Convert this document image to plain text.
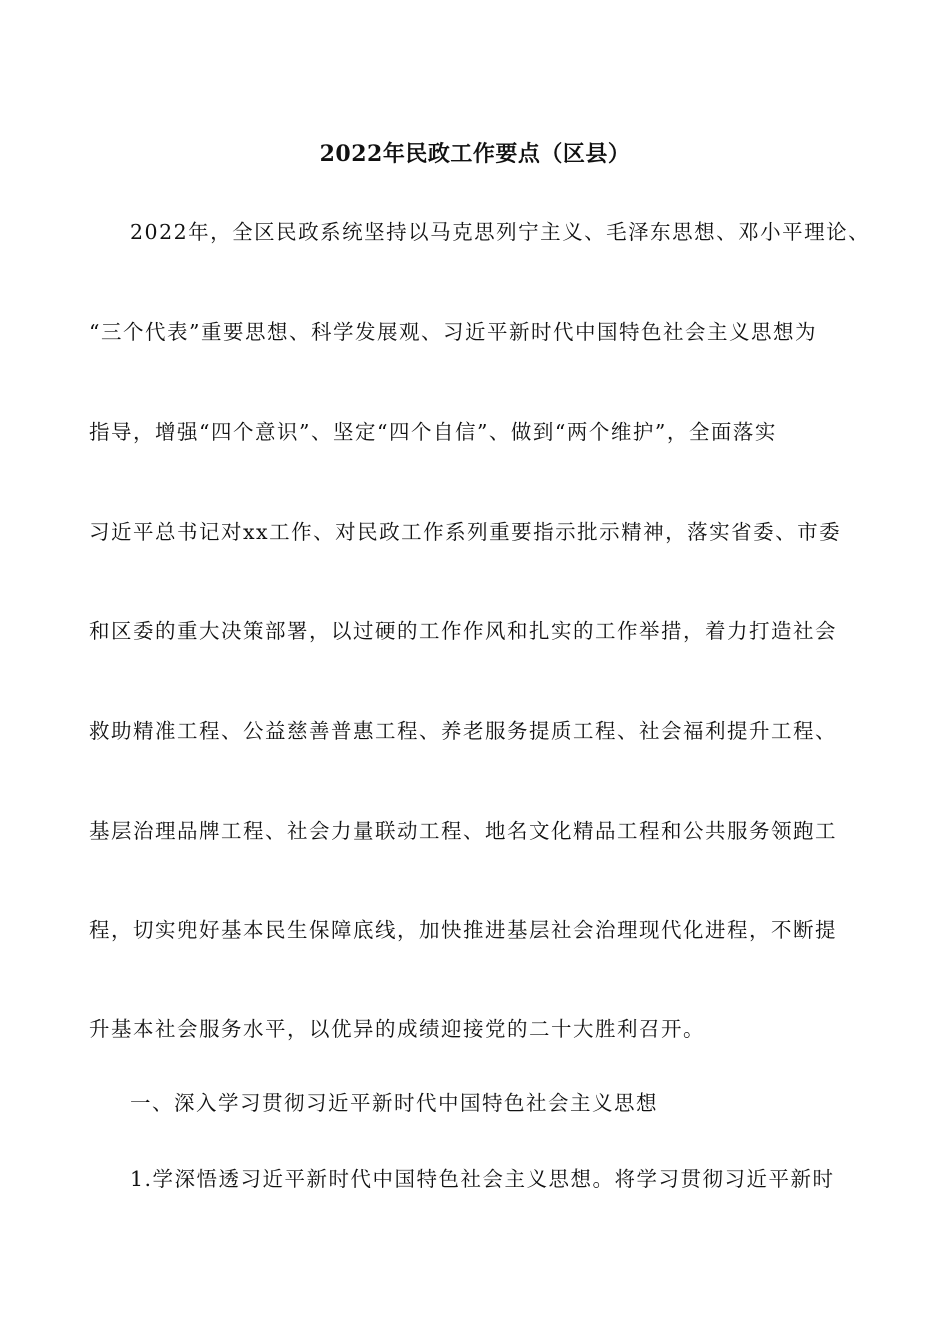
2022年民政工作要点（区县）
2022年，全区民政系统坚持以马克思列宁主义、毛泽东思想、邓小平理论、
“三个代表”重要思想、科学发展观、习近平新时代中国特色社会主义思想为
指导，增强“四个意识”、坚定“四个自信”、做到“两个维护”，全面落实
习近平总书记对xx工作、对民政工作系列重要指示批示精神，落实省委、市委
和区委的重大决策部署，以过硬的工作作风和扎实的工作举措，着力打造社会
救助精准工程、公益慈善普惠工程、养老服务提质工程、社会福利提升工程、
基层治理品牌工程、社会力量联动工程、地名文化精品工程和公共服务领跑工
程，切实兜好基本民生保障底线，加快推进基层社会治理现代化进程，不断提
升基本社会服务水平，以优异的成绩迎接党的二十大胜利召开。
一、深入学习贯彻习近平新时代中国特色社会主义思想
1.学深悟透习近平新时代中国特色社会主义思想。将学习贯彻习近平新时
